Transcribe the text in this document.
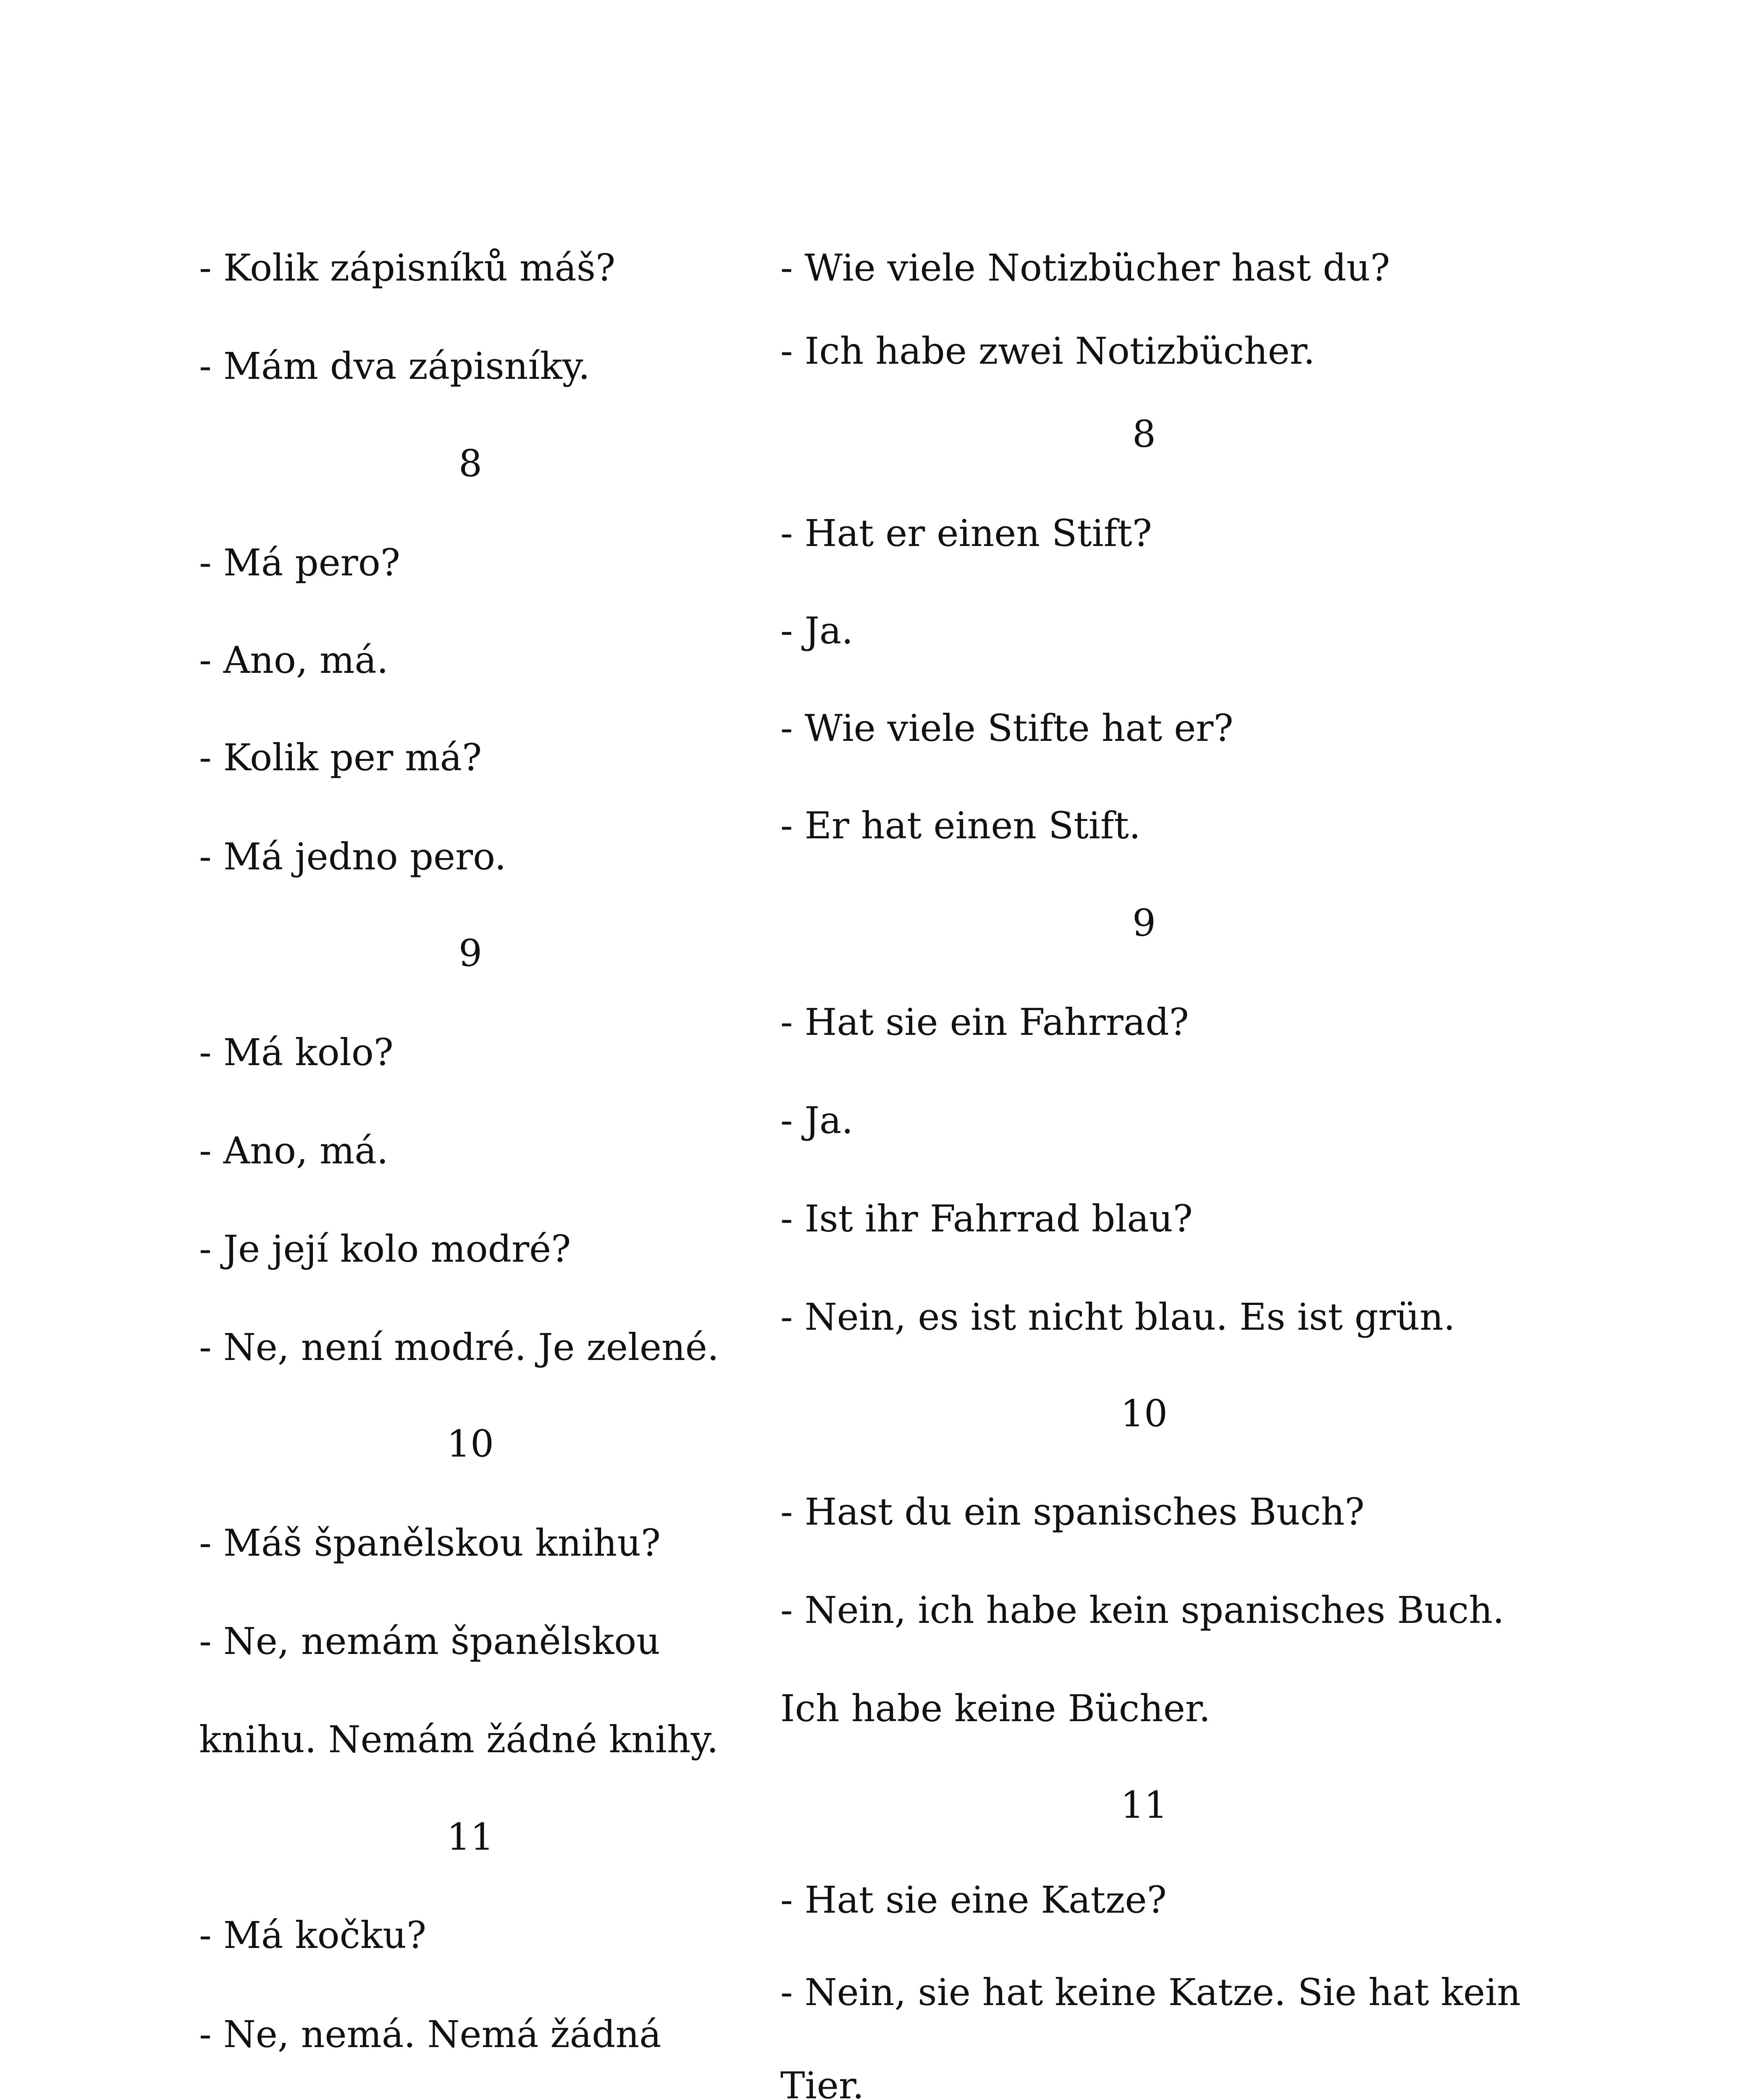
- Kolik zápisníků máš?
- Mám dva zápisníky.
8
- Má pero?
- Ano, má.
- Kolik per má?
- Má jedno pero.
9
- Má kolo?
- Ano, má.
- Je její kolo modré?
- Ne, není modré. Je zelené.
10
- Máš španělskou knihu?
- Ne, nemám španělskou
knihu. Nemám žádné knihy.
11
- Má kočku?
- Ne, nemá. Nemá žádná
- Wie viele Notizbücher hast du?
- Ich habe zwei Notizbücher.
8
- Hat er einen Stift?
- Ja.
- Wie viele Stifte hat er?
- Er hat einen Stift.
9
- Hat sie ein Fahrrad?
- Ja.
- Ist ihr Fahrrad blau?
- Nein, es ist nicht blau. Es ist grün.
10
- Hast du ein spanisches Buch?
- Nein, ich habe kein spanisches Buch.
Ich habe keine Bücher.
11
- Hat sie eine Katze?
- Nein, sie hat keine Katze. Sie hat kein
Tier.
